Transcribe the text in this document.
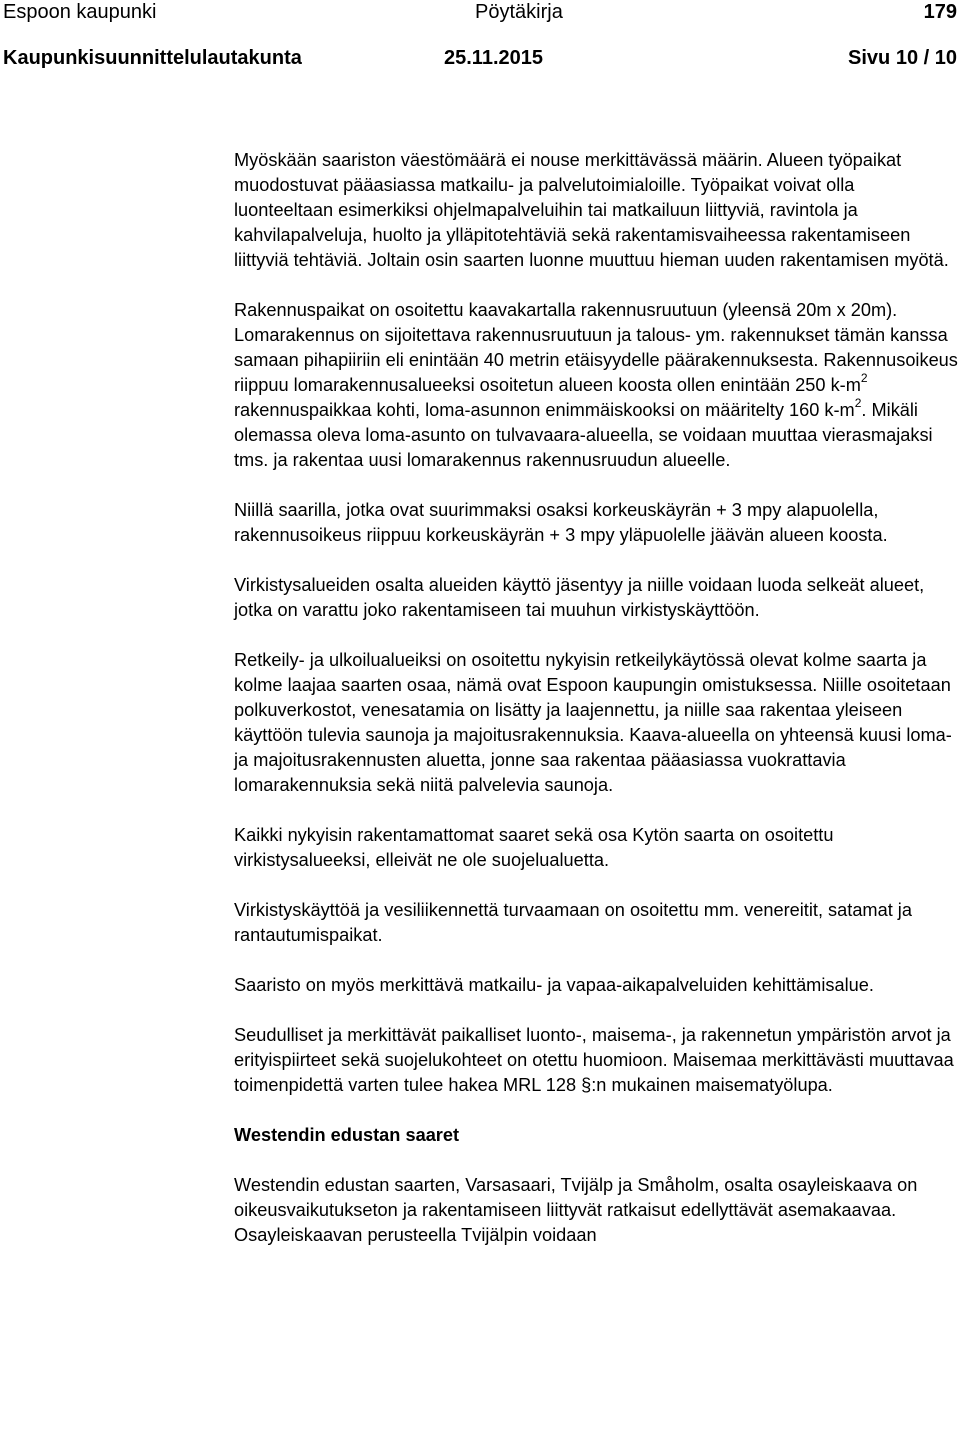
Espoon kaupunki	Pöytäkirja	179
Kaupunkisuunnittelulautakunta	25.11.2015	Sivu 10 / 10

Myöskään saariston väestömäärä ei nouse merkittävässä määrin. Alueen työpaikat muodostuvat pääasiassa matkailu- ja palvelutoimialoille. Työpaikat voivat olla luonteeltaan esimerkiksi ohjelmapalveluihin tai matkailuun liittyviä, ravintola ja kahvilapalveluja, huolto ja ylläpitotehtäviä sekä rakentamisvaiheessa rakentamiseen liittyviä tehtäviä. Joltain osin saarten luonne muuttuu hieman uuden rakentamisen myötä.

Rakennuspaikat on osoitettu kaavakartalla rakennusruutuun (yleensä 20m x 20m). Lomarakennus on sijoitettava rakennusruutuun ja talous- ym. rakennukset tämän kanssa samaan pihapiiriin eli enintään 40 metrin etäisyydelle päärakennuksesta. Rakennusoikeus riippuu lomarakennusalueeksi osoitetun alueen koosta ollen enintään 250 $k-m^2$ rakennuspaikkaa kohti, loma-asunnon enimmäiskooksi on määritelty 160 $k-m^2$. Mikäli olemassa oleva loma-asunto on tulvavaara-alueella, se voidaan muuttaa vierasmajaksi tms. ja rakentaa uusi lomarakennus rakennusruudun alueelle.

Niillä saarilla, jotka ovat suurimmaksi osaksi korkeuskäyrän + 3 mpy alapuolella, rakennusoikeus riippuu korkeuskäyrän + 3 mpy yläpuolelle jäävän alueen koosta.

Virkistysalueiden osalta alueiden käyttö jäsentyy ja niille voidaan luoda selkeät alueet, jotka on varattu joko rakentamiseen tai muuhun virkistyskäyttöön.

Retkeily- ja ulkoilualueiksi on osoitettu nykyisin retkeilykäytössä olevat kolme saarta ja kolme laajaa saarten osaa, nämä ovat Espoon kaupungin omistuksessa. Niille osoitetaan polkuverkostot, venesatamia on lisätty ja laajennettu, ja niille saa rakentaa yleiseen käyttöön tulevia saunoja ja majoitusrakennuksia. Kaava-alueella on yhteensä kuusi loma- ja majoitusrakennusten aluetta, jonne saa rakentaa pääasiassa vuokrattavia lomarakennuksia sekä niitä palvelevia saunoja.

Kaikki nykyisin rakentamattomat saaret sekä osa Kytön saarta on osoitettu virkistysalueeksi, elleivät ne ole suojelualuetta.

Virkistyskäyttöä ja vesiliikennettä turvaamaan on osoitettu mm. venereitit, satamat ja rantautumispaikat.

Saaristo on myös merkittävä matkailu- ja vapaa-aikapalveluiden kehittämisalue.

Seudulliset ja merkittävät paikalliset luonto-, maisema-, ja rakennetun ympäristön arvot ja erityispiirteet sekä suojelukohteet on otettu huomioon. Maisemaa merkittävästi muuttavaa toimenpidettä varten tulee hakea MRL 128 §:n mukainen maisematyölupa.

Westendin edustan saaret

Westendin edustan saarten, Varsasaari, Tvijälp ja Småholm, osalta osayleiskaava on oikeusvaikutukseton ja rakentamiseen liittyvät ratkaisut edellyttävät asemakaavaa. Osayleiskaavan perusteella Tvijälpin voidaan
